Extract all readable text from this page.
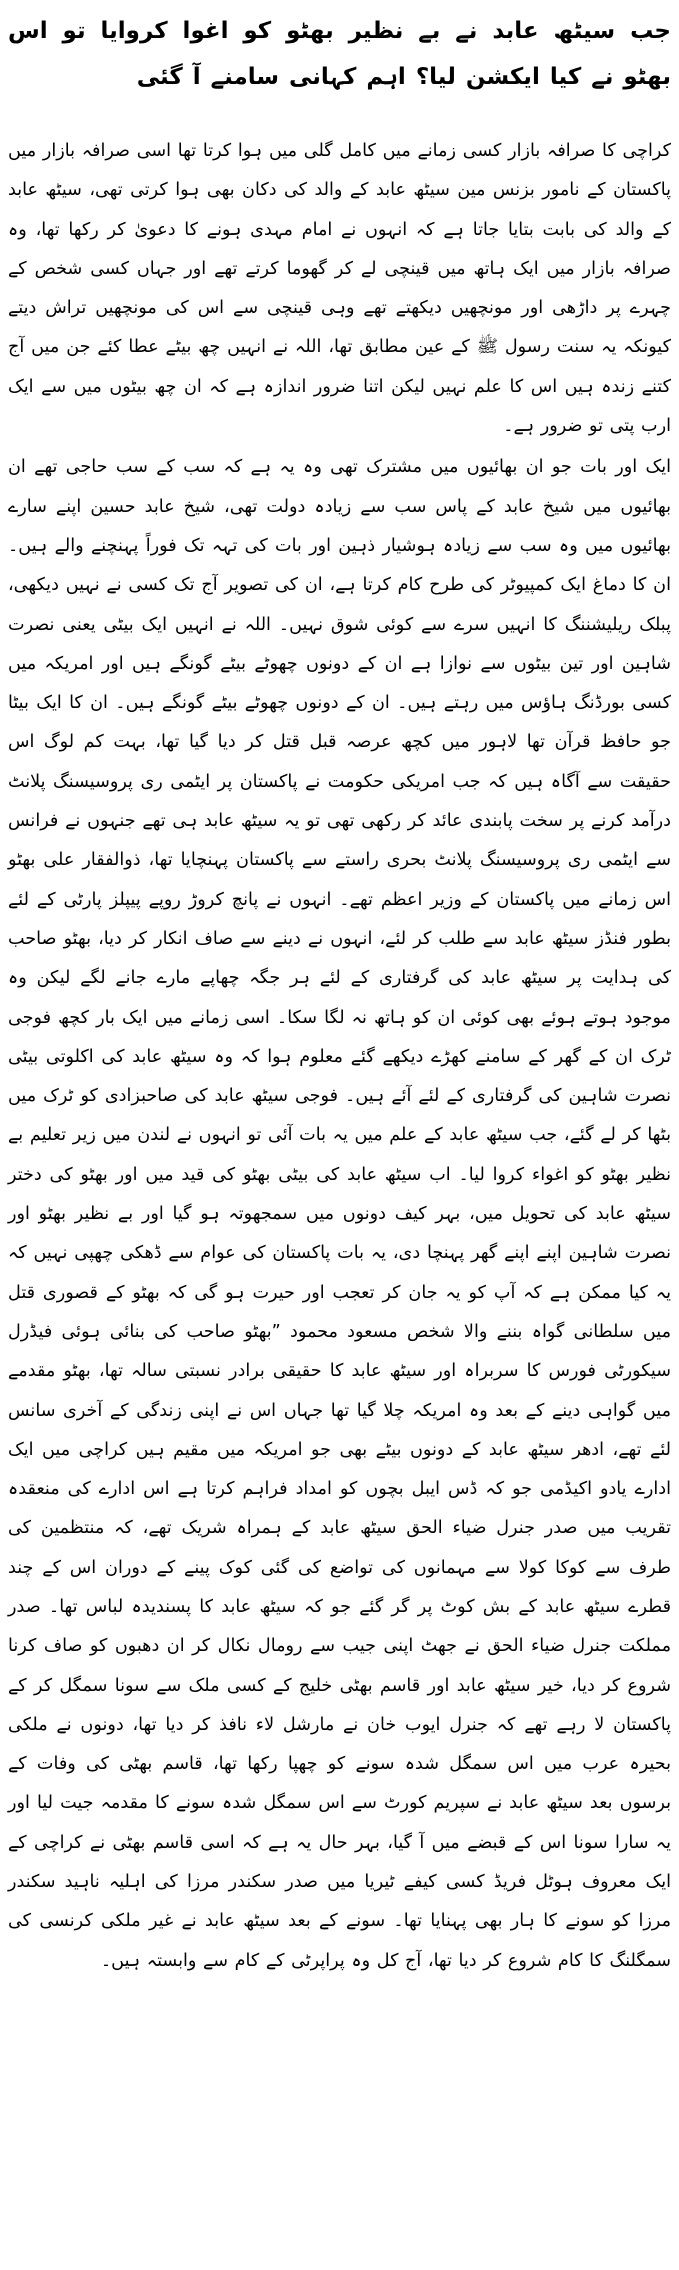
جب سیٹھ عابد نے بے نظیر بھٹو کو اغوا کروایا تو اس بھٹو نے کیا ایکشن لیا؟ اہم کہانی سامنے آ گئی

کراچی کا صرافہ بازار کسی زمانے میں کامل گلی میں ہوا کرتا تھا اسی صرافہ بازار میں پاکستان کے نامور بزنس مین سیٹھ عابد کے والد کی دکان بھی ہوا کرتی تھی، سیٹھ عابد کے والد کی بابت بتایا جاتا ہے کہ انہوں نے امام مہدی ہونے کا دعویٰ کر رکھا تھا، وہ صرافہ بازار میں ایک ہاتھ میں قینچی لے کر گھوما کرتے تھے اور جہاں کسی شخص کے چہرے پر داڑھی اور مونچھیں دیکھتے تھے وہی قینچی سے اس کی مونچھیں تراش دیتے کیونکہ یہ سنت رسول ﷺ کے عین مطابق تھا، اللہ نے انہیں چھ بیٹے عطا کئے جن میں آج کتنے زندہ ہیں اس کا علم نہیں لیکن اتنا ضرور اندازہ ہے کہ ان چھ بیٹوں میں سے ایک ارب پتی تو ضرور ہے۔

ایک اور بات جو ان بھائیوں میں مشترک تھی وہ یہ ہے کہ سب کے سب حاجی تھے ان بھائیوں میں شیخ عابد کے پاس سب سے زیادہ دولت تھی، شیخ عابد حسین اپنے سارے بھائیوں میں وہ سب سے زیادہ ہوشیار ذہین اور بات کی تہہ تک فوراً پہنچنے والے ہیں۔ ان کا دماغ ایک کمپیوٹر کی طرح کام کرتا ہے، ان کی تصویر آج تک کسی نے نہیں دیکھی، پبلک ریلیشننگ کا انہیں سرے سے کوئی شوق نہیں۔ اللہ نے انہیں ایک بیٹی یعنی نصرت شاہین اور تین بیٹوں سے نوازا ہے ان کے دونوں چھوٹے بیٹے گونگے ہیں اور امریکہ میں کسی بورڈنگ ہاؤس میں رہتے ہیں۔ ان کے دونوں چھوٹے بیٹے گونگے ہیں۔ ان کا ایک بیٹا جو حافظ قرآن تھا لاہور میں کچھ عرصہ قبل قتل کر دیا گیا تھا، بہت کم لوگ اس حقیقت سے آگاہ ہیں کہ جب امریکی حکومت نے پاکستان پر ایٹمی ری پروسیسنگ پلانٹ درآمد کرنے پر سخت پابندی عائد کر رکھی تھی تو یہ سیٹھ عابد ہی تھے جنہوں نے فرانس سے ایٹمی ری پروسیسنگ پلانٹ بحری راستے سے پاکستان پہنچایا تھا، ذوالفقار علی بھٹو اس زمانے میں پاکستان کے وزیر اعظم تھے۔ انہوں نے پانچ کروڑ روپے پیپلز پارٹی کے لئے بطور فنڈز سیٹھ عابد سے طلب کر لئے، انہوں نے دینے سے صاف انکار کر دیا، بھٹو صاحب کی ہدایت پر سیٹھ عابد کی گرفتاری کے لئے ہر جگہ چھاپے مارے جانے لگے لیکن وہ موجود ہوتے ہوئے بھی کوئی ان کو ہاتھ نہ لگا سکا۔ اسی زمانے میں ایک بار کچھ فوجی ٹرک ان کے گھر کے سامنے کھڑے دیکھے گئے معلوم ہوا کہ وہ سیٹھ عابد کی اکلوتی بیٹی نصرت شاہین کی گرفتاری کے لئے آئے ہیں۔ فوجی سیٹھ عابد کی صاحبزادی کو ٹرک میں بٹھا کر لے گئے، جب سیٹھ عابد کے علم میں یہ بات آئی تو انہوں نے لندن میں زیر تعلیم بے نظیر بھٹو کو اغواء کروا لیا۔ اب سیٹھ عابد کی بیٹی بھٹو کی قید میں اور بھٹو کی دختر سیٹھ عابد کی تحویل میں، بہر کیف دونوں میں سمجھوتہ ہو گیا اور بے نظیر بھٹو اور نصرت شاہین اپنے اپنے گھر پہنچا دی، یہ بات پاکستان کی عوام سے ڈھکی چھپی نہیں کہ یہ کیا ممکن ہے کہ آپ کو یہ جان کر تعجب اور حیرت ہو گی کہ بھٹو کے قصوری قتل میں سلطانی گواہ بننے والا شخص مسعود محمود ”بھٹو صاحب کی بنائی ہوئی فیڈرل سیکورٹی فورس کا سربراہ اور سیٹھ عابد کا حقیقی برادر نسبتی سالہ تھا، بھٹو مقدمے میں گواہی دینے کے بعد وہ امریکہ چلا گیا تھا جہاں اس نے اپنی زندگی کے آخری سانس لئے تھے، ادھر سیٹھ عابد کے دونوں بیٹے بھی جو امریکہ میں مقیم ہیں کراچی میں ایک ادارے یادو اکیڈمی جو کہ ڈس ایبل بچوں کو امداد فراہم کرتا ہے اس ادارے کی منعقدہ تقریب میں صدر جنرل ضیاء الحق سیٹھ عابد کے ہمراہ شریک تھے، کہ منتظمین کی طرف سے کوکا کولا سے مہمانوں کی تواضع کی گئی کوک پینے کے دوران اس کے چند قطرے سیٹھ عابد کے بش کوٹ پر گر گئے جو کہ سیٹھ عابد کا پسندیدہ لباس تھا۔ صدر مملکت جنرل ضیاء الحق نے جھٹ اپنی جیب سے رومال نکال کر ان دھبوں کو صاف کرنا شروع کر دیا، خیر سیٹھ عابد اور قاسم بھٹی خلیج کے کسی ملک سے سونا سمگل کر کے پاکستان لا رہے تھے کہ جنرل ایوب خان نے مارشل لاء نافذ کر دیا تھا، دونوں نے ملکی بحیرہ عرب میں اس سمگل شدہ سونے کو چھپا رکھا تھا، قاسم بھٹی کی وفات کے برسوں بعد سیٹھ عابد نے سپریم کورٹ سے اس سمگل شدہ سونے کا مقدمہ جیت لیا اور یہ سارا سونا اس کے قبضے میں آ گیا، بہر حال یہ ہے کہ اسی قاسم بھٹی نے کراچی کے ایک معروف ہوٹل فریڈ کسی کیفے ٹیریا میں صدر سکندر مرزا کی اہلیہ ناہید سکندر مرزا کو سونے کا ہار بھی پہنایا تھا۔ سونے کے بعد سیٹھ عابد نے غیر ملکی کرنسی کی سمگلنگ کا کام شروع کر دیا تھا، آج کل وہ پراپرٹی کے کام سے وابستہ ہیں۔
